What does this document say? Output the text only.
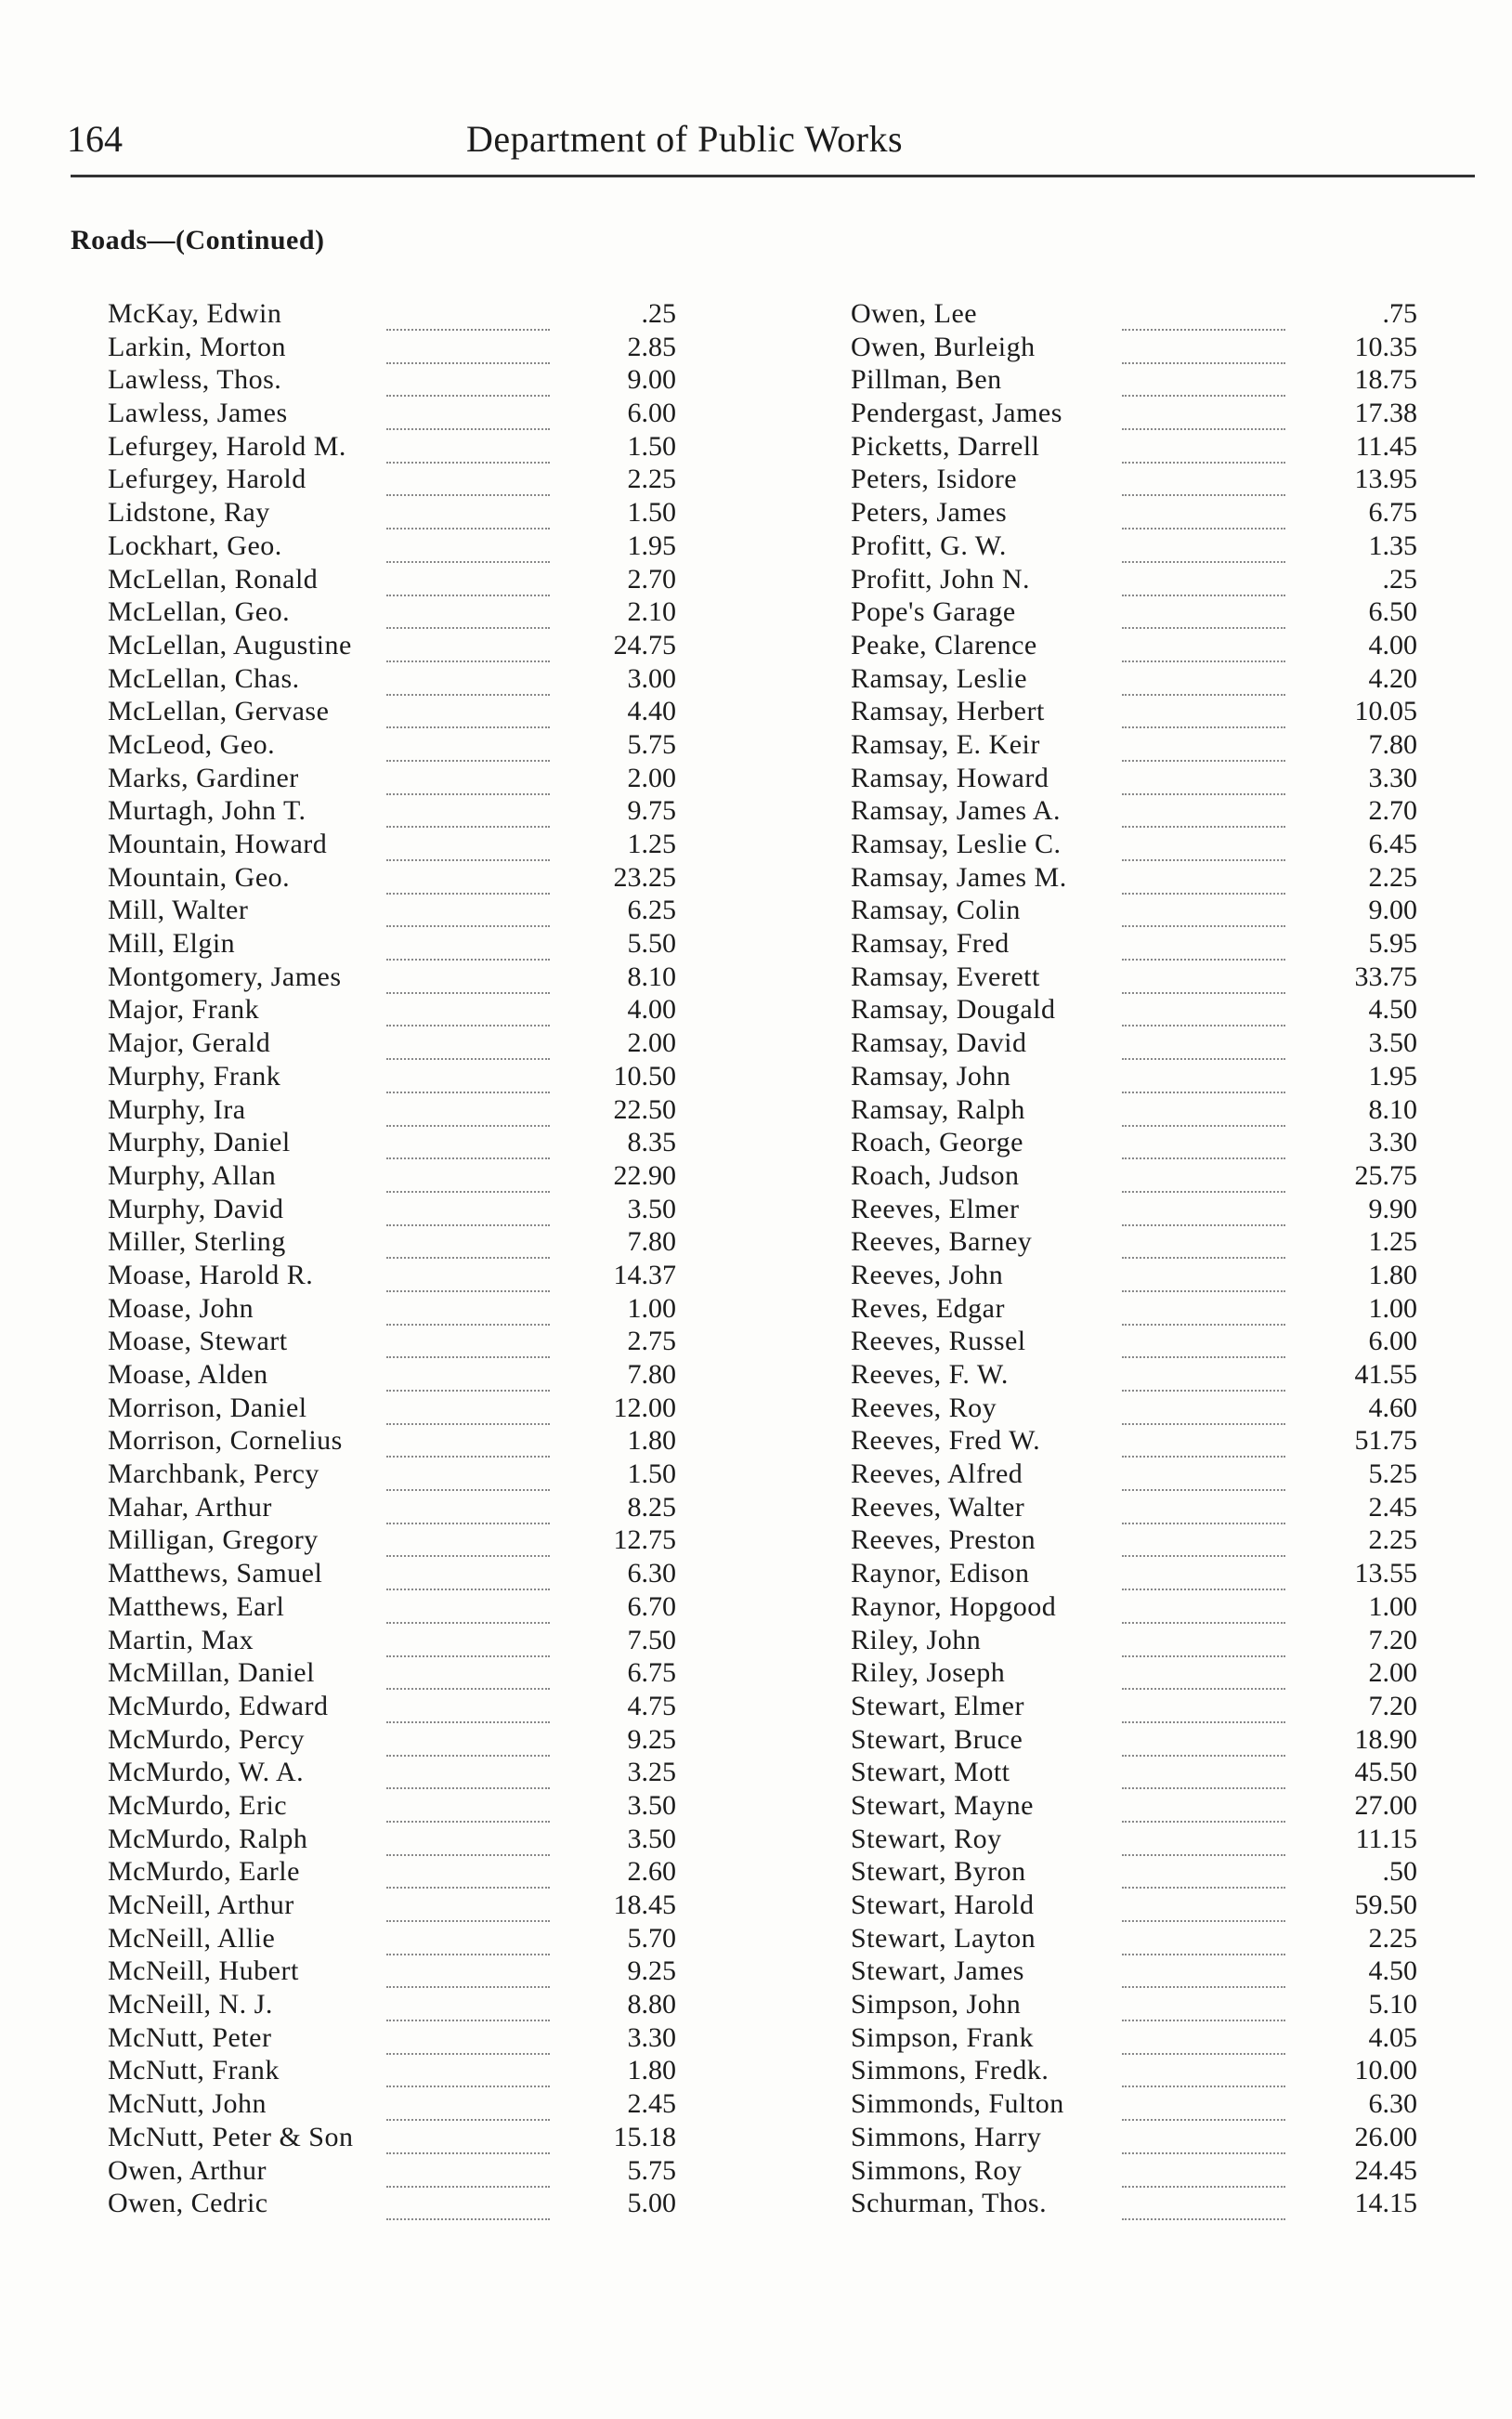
164	Department of Public Works
Roads—(Continued)
McKay, Edwin	.25
Larkin, Morton	2.85
Lawless, Thos.	9.00
Lawless, James	6.00
Lefurgey, Harold M.	1.50
Lefurgey, Harold	2.25
Lidstone, Ray	1.50
Lockhart, Geo.	1.95
McLellan, Ronald	2.70
McLellan, Geo.	2.10
McLellan, Augustine	24.75
McLellan, Chas.	3.00
McLellan, Gervase	4.40
McLeod, Geo.	5.75
Marks, Gardiner	2.00
Murtagh, John T.	9.75
Mountain, Howard	1.25
Mountain, Geo.	23.25
Mill, Walter	6.25
Mill, Elgin	5.50
Montgomery, James	8.10
Major, Frank	4.00
Major, Gerald	2.00
Murphy, Frank	10.50
Murphy, Ira	22.50
Murphy, Daniel	8.35
Murphy, Allan	22.90
Murphy, David	3.50
Miller, Sterling	7.80
Moase, Harold R.	14.37
Moase, John	1.00
Moase, Stewart	2.75
Moase, Alden	7.80
Morrison, Daniel	12.00
Morrison, Cornelius	1.80
Marchbank, Percy	1.50
Mahar, Arthur	8.25
Milligan, Gregory	12.75
Matthews, Samuel	6.30
Matthews, Earl	6.70
Martin, Max	7.50
McMillan, Daniel	6.75
McMurdo, Edward	4.75
McMurdo, Percy	9.25
McMurdo, W. A.	3.25
McMurdo, Eric	3.50
McMurdo, Ralph	3.50
McMurdo, Earle	2.60
McNeill, Arthur	18.45
McNeill, Allie	5.70
McNeill, Hubert	9.25
McNeill, N. J.	8.80
McNutt, Peter	3.30
McNutt, Frank	1.80
McNutt, John	2.45
McNutt, Peter & Son	15.18
Owen, Arthur	5.75
Owen, Cedric	5.00
Owen, Lee	.75
Owen, Burleigh	10.35
Pillman, Ben	18.75
Pendergast, James	17.38
Picketts, Darrell	11.45
Peters, Isidore	13.95
Peters, James	6.75
Profitt, G. W.	1.35
Profitt, John N.	.25
Pope's Garage	6.50
Peake, Clarence	4.00
Ramsay, Leslie	4.20
Ramsay, Herbert	10.05
Ramsay, E. Keir	7.80
Ramsay, Howard	3.30
Ramsay, James A.	2.70
Ramsay, Leslie C.	6.45
Ramsay, James M.	2.25
Ramsay, Colin	9.00
Ramsay, Fred	5.95
Ramsay, Everett	33.75
Ramsay, Dougald	4.50
Ramsay, David	3.50
Ramsay, John	1.95
Ramsay, Ralph	8.10
Roach, George	3.30
Roach, Judson	25.75
Reeves, Elmer	9.90
Reeves, Barney	1.25
Reeves, John	1.80
Reves, Edgar	1.00
Reeves, Russel	6.00
Reeves, F. W.	41.55
Reeves, Roy	4.60
Reeves, Fred W.	51.75
Reeves, Alfred	5.25
Reeves, Walter	2.45
Reeves, Preston	2.25
Raynor, Edison	13.55
Raynor, Hopgood	1.00
Riley, John	7.20
Riley, Joseph	2.00
Stewart, Elmer	7.20
Stewart, Bruce	18.90
Stewart, Mott	45.50
Stewart, Mayne	27.00
Stewart, Roy	11.15
Stewart, Byron	.50
Stewart, Harold	59.50
Stewart, Layton	2.25
Stewart, James	4.50
Simpson, John	5.10
Simpson, Frank	4.05
Simmons, Fredk.	10.00
Simmonds, Fulton	6.30
Simmons, Harry	26.00
Simmons, Roy	24.45
Schurman, Thos.	14.15
